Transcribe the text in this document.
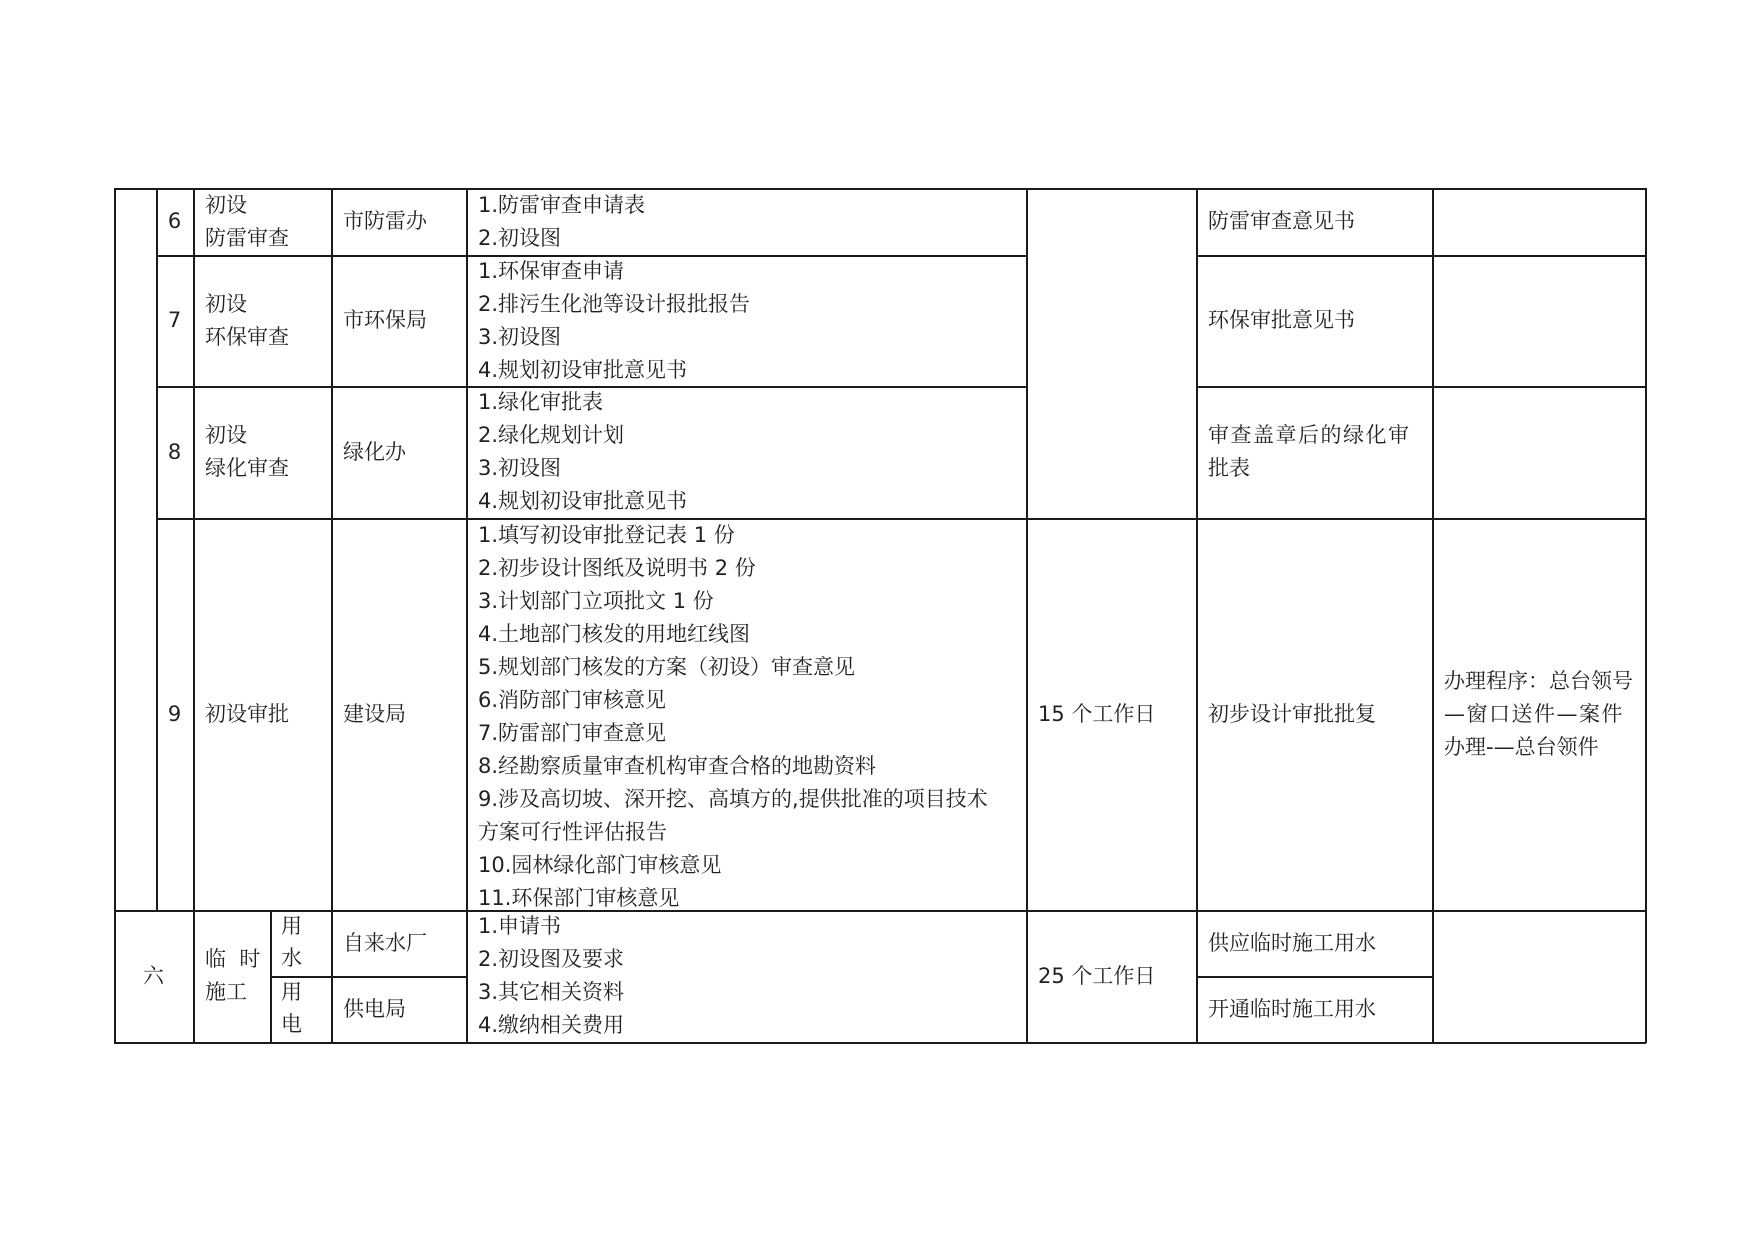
6
初设
防雷审查
市防雷办
1.防雷审查申请表
2.初设图
防雷审查意见书
7
初设
环保审查
市环保局
1.环保审查申请
2.排污生化池等设计报批报告
3.初设图
4.规划初设审批意见书
环保审批意见书
8
初设
绿化审查
绿化办
1.绿化审批表
2.绿化规划计划
3.初设图
4.规划初设审批意见书
审查盖章后的绿化审
批表
9 初设审批	建设局
1.填写初设审批登记表 1 份
2.初步设计图纸及说明书 2 份
3.计划部门立项批文 1 份
4.土地部门核发的用地红线图
5.规划部门核发的方案（初设）审查意见
6.消防部门审核意见
7.防雷部门审查意见
8.经勘察质量审查机构审查合格的地勘资料
9.涉及高切坡、深开挖、高填方的,提供批准的项目技术
方案可行性评估报告
10.园林绿化部门审核意见
11.环保部门审核意见
15 个工作日	初步设计审批批复
办理程序：总台领号
—窗口送件—案件
办理-—总台领件
六
临  时
施工
用
水
用
电
自来水厂
供电局
1.申请书
2.初设图及要求
3.其它相关资料
4.缴纳相关费用
25 个工作日
供应临时施工用水
开通临时施工用水
